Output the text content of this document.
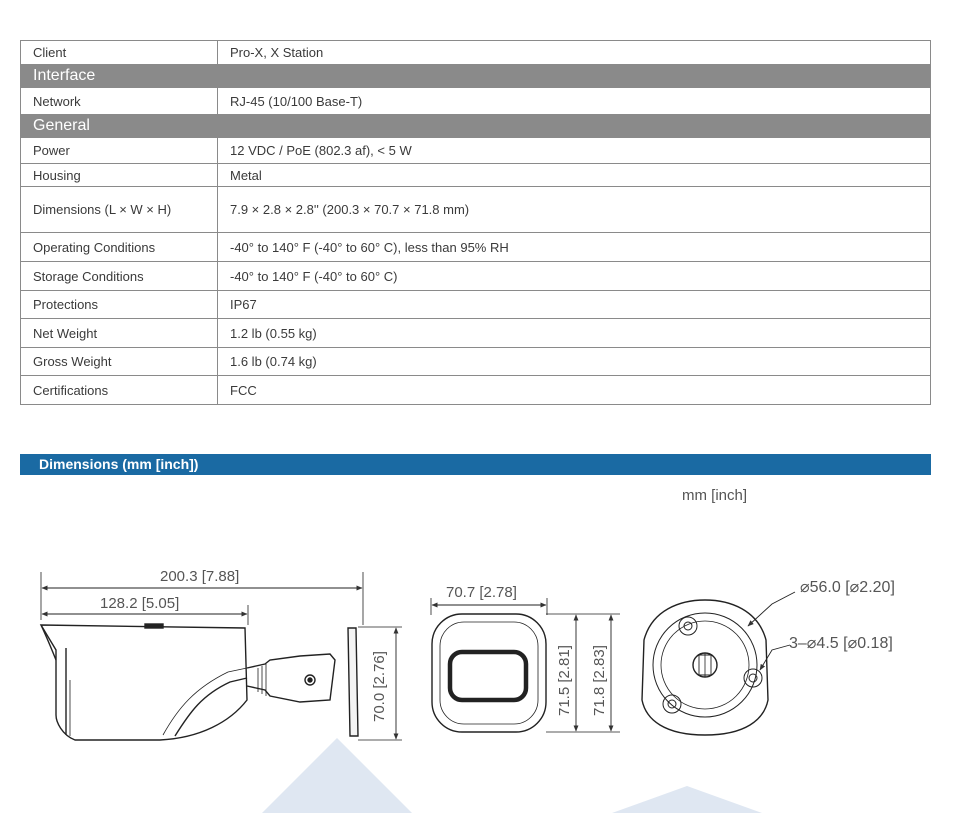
Client	Pro-X, X Station
Interface	
Network	RJ-45 (10/100 Base-T)
General	
Power	12 VDC / PoE (802.3 af), < 5 W
Housing	Metal
Dimensions (L × W × H)	7.9 × 2.8 × 2.8'' (200.3 × 70.7 × 71.8 mm)
Operating Conditions	-40° to 140° F (-40° to 60° C), less than 95% RH
Storage Conditions	-40° to 140° F (-40° to 60° C)
Protections	IP67
Net Weight	1.2 lb (0.55 kg)
Gross Weight	1.6 lb (0.74 kg)
Certifications	FCC
Dimensions (mm [inch])
mm [inch]
200.3 [7.88]
128.2 [5.05]
70.0 [2.76]
70.7 [2.78]
71.5 [2.81] 71.8 [2.83]
⌀56.0 [⌀2.20]
3–⌀4.5 [⌀0.18]
